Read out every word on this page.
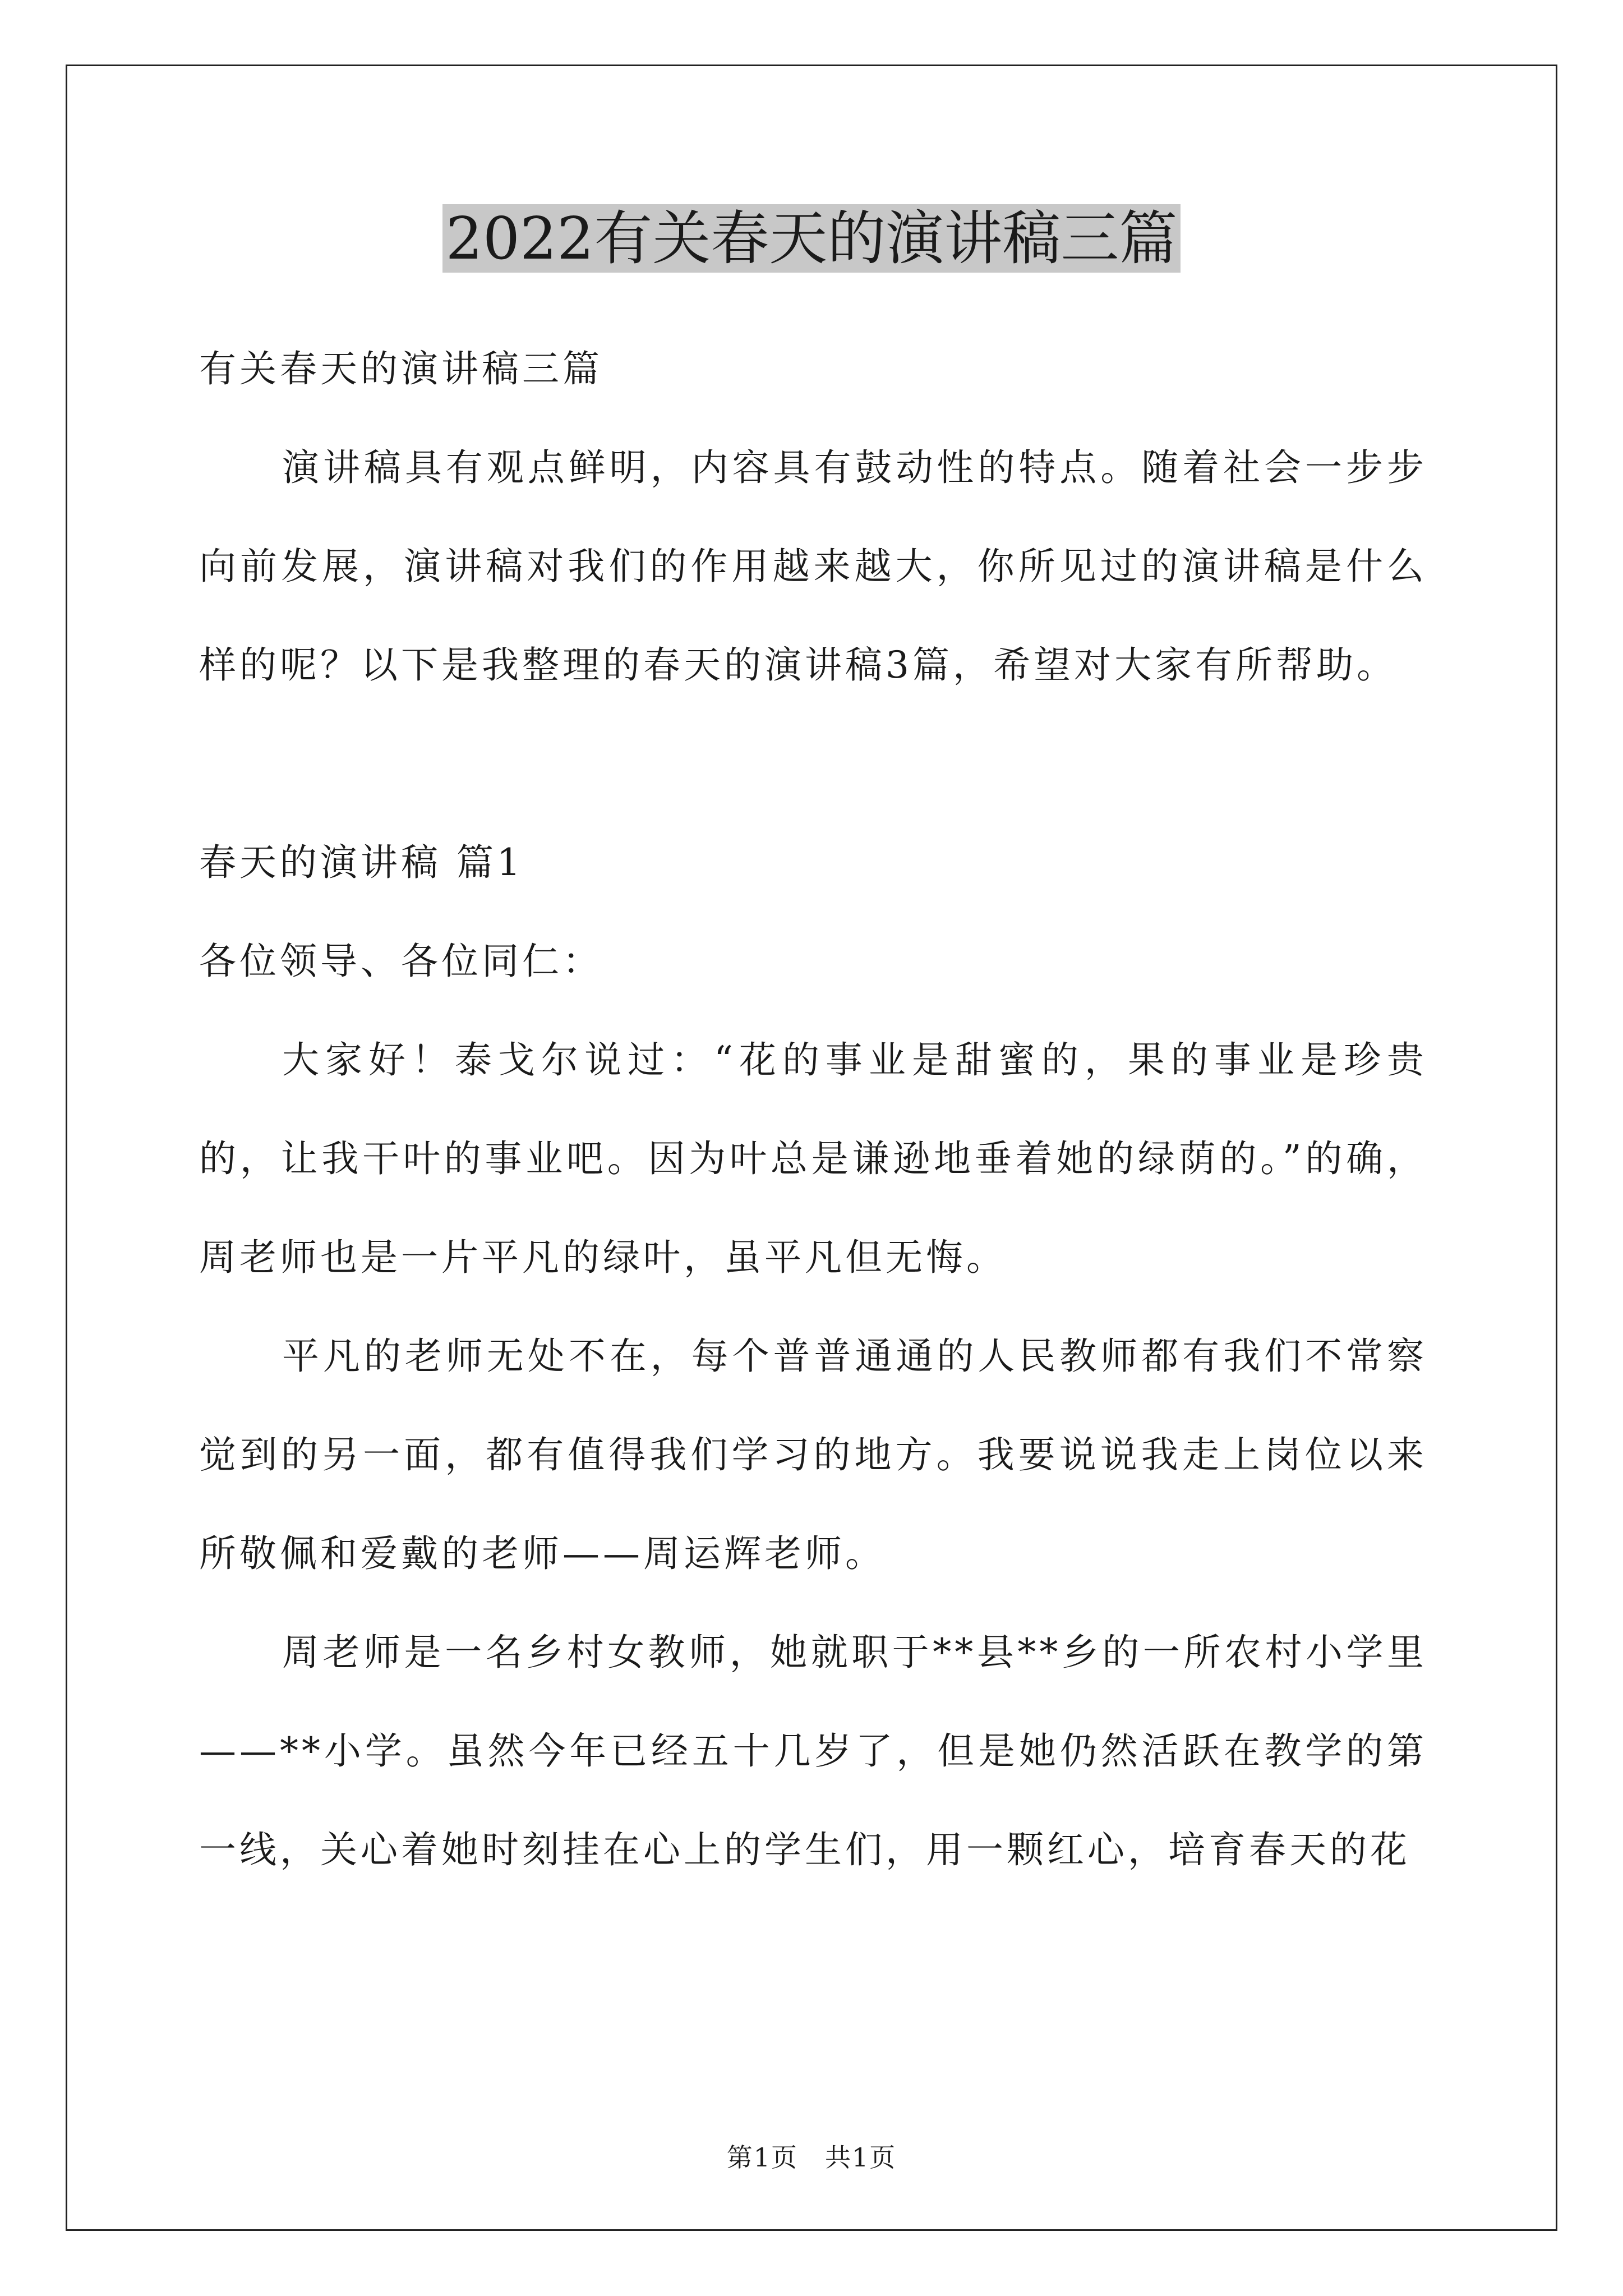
2022有关春天的演讲稿三篇

有关春天的演讲稿三篇

演讲稿具有观点鲜明，内容具有鼓动性的特点。随着社会一步步向前发展，演讲稿对我们的作用越来越大，你所见过的演讲稿是什么样的呢？以下是我整理的春天的演讲稿3篇，希望对大家有所帮助。

春天的演讲稿 篇1

各位领导、各位同仁：

大家好！泰戈尔说过：“花的事业是甜蜜的，果的事业是珍贵的，让我干叶的事业吧。因为叶总是谦逊地垂着她的绿荫的。”的确，周老师也是一片平凡的绿叶，虽平凡但无悔。

平凡的老师无处不在，每个普普通通的人民教师都有我们不常察觉到的另一面，都有值得我们学习的地方。我要说说我走上岗位以来所敬佩和爱戴的老师——周运辉老师。

周老师是一名乡村女教师，她就职于**县**乡的一所农村小学里——**小学。虽然今年已经五十几岁了，但是她仍然活跃在教学的第一线，关心着她时刻挂在心上的学生们，用一颗红心，培育春天的花

第1页　共1页
